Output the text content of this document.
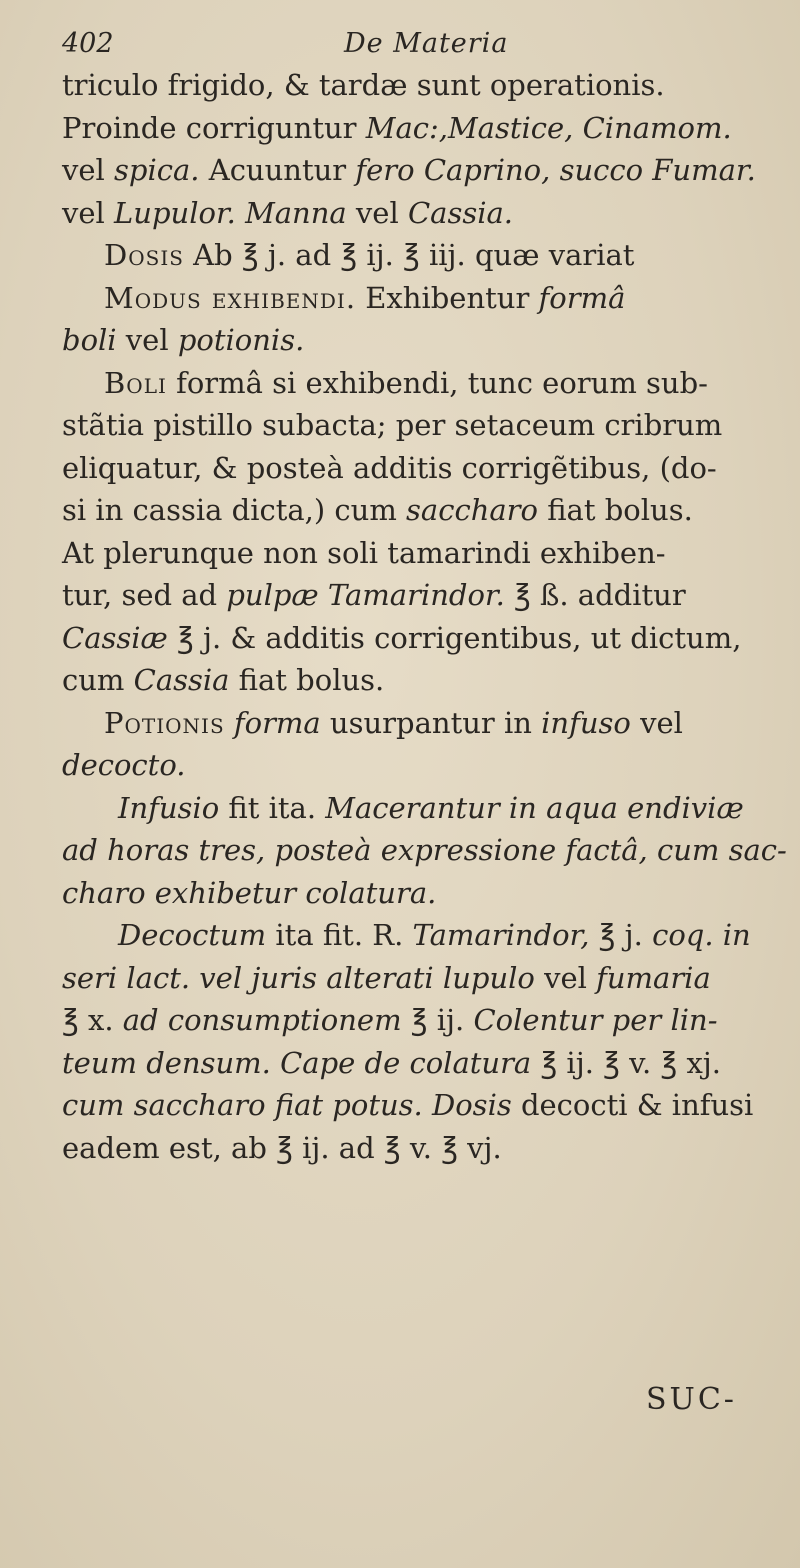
402	De Materia
triculo frigido, & tardæ sunt operationis.
Proinde corriguntur Mac:,Mastice, Cinamom.
vel spica. Acuuntur fero Caprino, succo Fumar.
vel Lupulor. Manna vel Cassia.
Dosis Ab ℥ j. ad ℥ ij. ℥ iij. quæ variat
Modus exhibendi. Exhibentur formâ
boli vel potionis.
Boli formâ si exhibendi, tunc eorum sub-
stãtia pistillo subacta; per setaceum cribrum
eliquatur, & posteà additis corrigẽtibus, (do-
si in cassia dicta,) cum saccharo fiat bolus.
At plerunque non soli tamarindi exhiben-
tur, sed ad pulpæ Tamarindor. ℥ ß. additur
Cassiæ ℥ j. & additis corrigentibus, ut dictum,
cum Cassia fiat bolus.
Potionis forma usurpantur in infuso vel
decocto.
Infusio fit ita. Macerantur in aqua endiviæ
ad horas tres, posteà expressione factâ, cum sac-
charo exhibetur colatura.
Decoctum ita fit. R. Tamarindor, ℥ j. coq. in
seri lact. vel juris alterati lupulo vel fumaria
℥ x. ad consumptionem ℥ ij. Colentur per lin-
teum densum. Cape de colatura ℥ ij. ℥ v. ℥ xj.
cum saccharo fiat potus. Dosis decocti & infusi
eadem est, ab ℥ ij. ad ℥ v. ℥ vj.
SUC-
